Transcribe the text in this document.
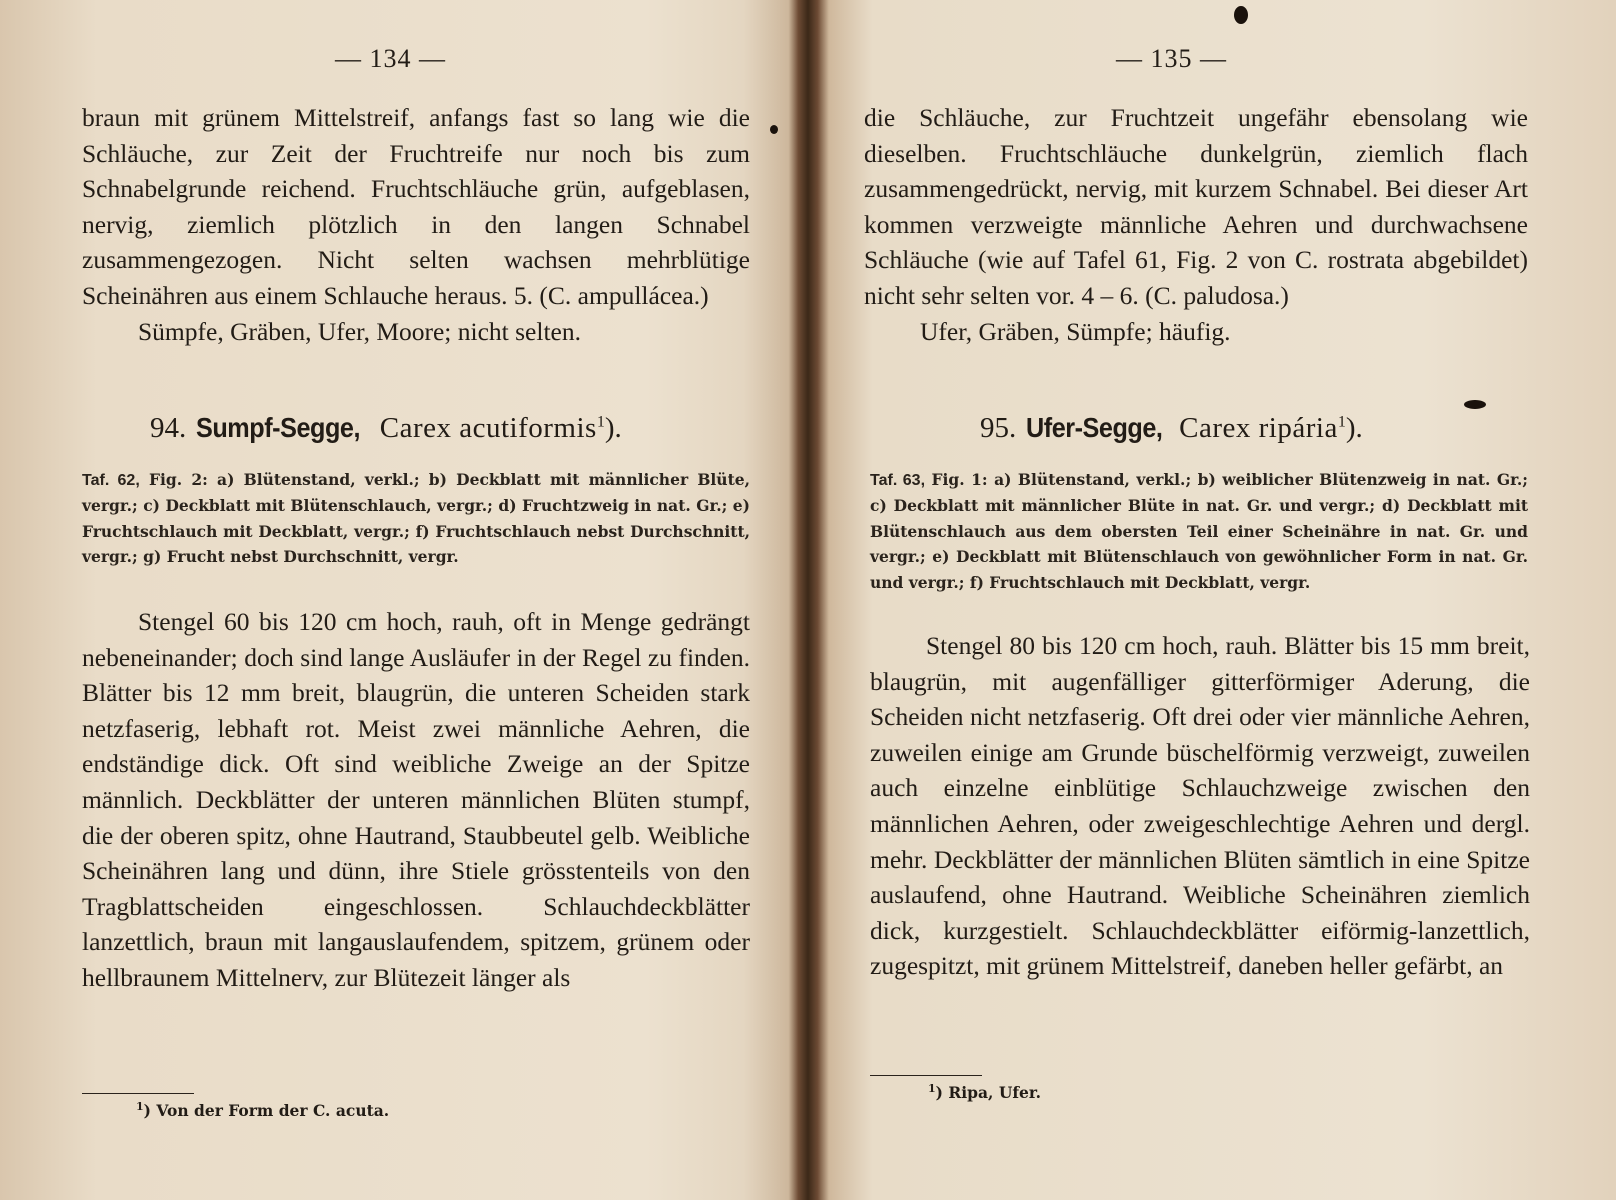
— 134 —

braun mit grünem Mittelstreif, anfangs fast so lang wie die Schläuche, zur Zeit der Fruchtreife nur noch bis zum Schnabelgrunde reichend. Fruchtschläuche grün, aufgeblasen, nervig, ziemlich plötzlich in den langen Schnabel zusammengezogen. Nicht selten wachsen mehrblütige Scheinähren aus einem Schlauche heraus. 5. (C. ampullácea.)

Sümpfe, Gräben, Ufer, Moore; nicht selten.

94. Sumpf-Segge, Carex acutiformis$^1$).
Taf. 62, Fig. 2: a) Blütenstand, verkl.; b) Deckblatt mit männlicher Blüte, vergr.; c) Deckblatt mit Blütenschlauch, vergr.; d) Fruchtzweig in nat. Gr.; e) Fruchtschlauch mit Deckblatt, vergr.; f) Fruchtschlauch nebst Durchschnitt, vergr.; g) Frucht nebst Durchschnitt, vergr.

Stengel 60 bis 120 cm hoch, rauh, oft in Menge gedrängt nebeneinander; doch sind lange Ausläufer in der Regel zu finden. Blätter bis 12 mm breit, blaugrün, die unteren Scheiden stark netzfaserig, lebhaft rot. Meist zwei männliche Aehren, die endständige dick. Oft sind weibliche Zweige an der Spitze männlich. Deckblätter der unteren männlichen Blüten stumpf, die der oberen spitz, ohne Hautrand, Staubbeutel gelb. Weibliche Scheinähren lang und dünn, ihre Stiele grösstenteils von den Tragblattscheiden eingeschlossen. Schlauchdeckblätter lanzettlich, braun mit langauslaufendem, spitzem, grünem oder hellbraunem Mittelnerv, zur Blütezeit länger als

$^1$) Von der Form der C. acuta.
— 135 —

die Schläuche, zur Fruchtzeit ungefähr ebensolang wie dieselben. Fruchtschläuche dunkelgrün, ziemlich flach zusammengedrückt, nervig, mit kurzem Schnabel. Bei dieser Art kommen verzweigte männliche Aehren und durchwachsene Schläuche (wie auf Tafel 61, Fig. 2 von C. rostrata abgebildet) nicht sehr selten vor. 4 – 6. (C. paludosa.)

Ufer, Gräben, Sümpfe; häufig.

95. Ufer-Segge, Carex ripária$^1$).
Taf. 63, Fig. 1: a) Blütenstand, verkl.; b) weiblicher Blütenzweig in nat. Gr.; c) Deckblatt mit männlicher Blüte in nat. Gr. und vergr.; d) Deckblatt mit Blütenschlauch aus dem obersten Teil einer Scheinähre in nat. Gr. und vergr.; e) Deckblatt mit Blütenschlauch von gewöhnlicher Form in nat. Gr. und vergr.; f) Fruchtschlauch mit Deckblatt, vergr.

Stengel 80 bis 120 cm hoch, rauh. Blätter bis 15 mm breit, blaugrün, mit augenfälliger gitterförmiger Aderung, die Scheiden nicht netzfaserig. Oft drei oder vier männliche Aehren, zuweilen einige am Grunde büschelförmig verzweigt, zuweilen auch einzelne einblütige Schlauchzweige zwischen den männlichen Aehren, oder zweigeschlechtige Aehren und dergl. mehr. Deckblätter der männlichen Blüten sämtlich in eine Spitze auslaufend, ohne Hautrand. Weibliche Scheinähren ziemlich dick, kurzgestielt. Schlauchdeckblätter eiförmig-lanzettlich, zugespitzt, mit grünem Mittelstreif, daneben heller gefärbt, an

$^1$) Ripa, Ufer.
